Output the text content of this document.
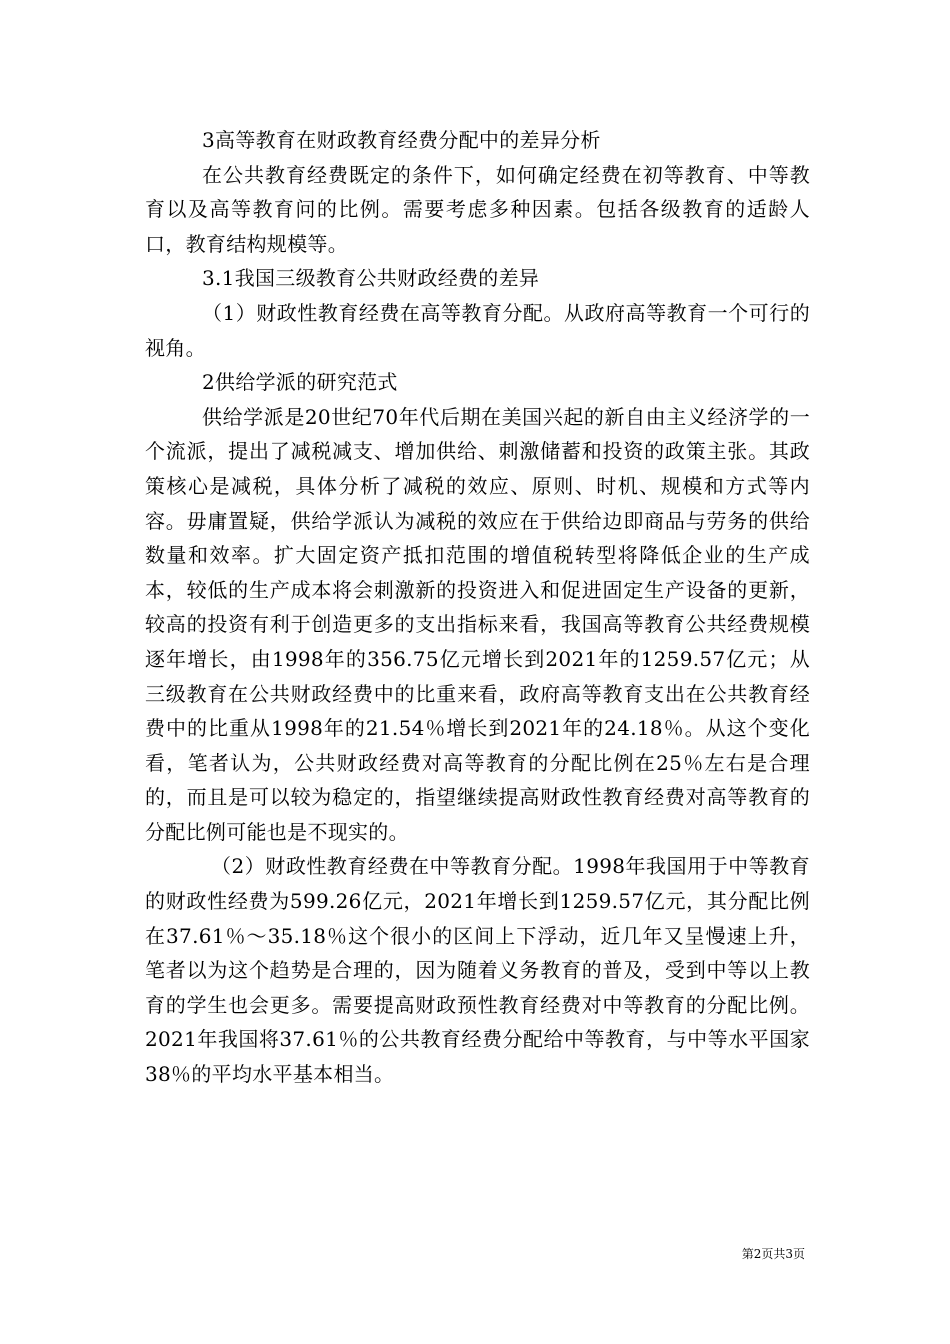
3高等教育在财政教育经费分配中的差异分析

在公共教育经费既定的条件下，如何确定经费在初等教育、中等教育以及高等教育问的比例。需要考虑多种因素。包括各级教育的适龄人口，教育结构规模等。

3.1我国三级教育公共财政经费的差异

（1）财政性教育经费在高等教育分配。从政府高等教育一个可行的视角。

2供给学派的研究范式

供给学派是20世纪70年代后期在美国兴起的新自由主义经济学的一个流派，提出了减税减支、增加供给、刺激储蓄和投资的政策主张。其政策核心是减税，具体分析了减税的效应、原则、时机、规模和方式等内容。毋庸置疑，供给学派认为减税的效应在于供给边即商品与劳务的供给数量和效率。扩大固定资产抵扣范围的增值税转型将降低企业的生产成本，较低的生产成本将会刺激新的投资进入和促进固定生产设备的更新，较高的投资有利于创造更多的支出指标来看，我国高等教育公共经费规模逐年增长，由1998年的356.75亿元增长到2021年的1259.57亿元；从三级教育在公共财政经费中的比重来看，政府高等教育支出在公共教育经费中的比重从1998年的21.54％增长到2021年的24.18％。从这个变化看，笔者认为，公共财政经费对高等教育的分配比例在25％左右是合理的，而且是可以较为稳定的，指望继续提高财政性教育经费对高等教育的分配比例可能也是不现实的。

（2）财政性教育经费在中等教育分配。1998年我国用于中等教育的财政性经费为599.26亿元，2021年增长到1259.57亿元，其分配比例在37.61％～35.18％这个很小的区间上下浮动，近几年又呈慢速上升，笔者以为这个趋势是合理的，因为随着义务教育的普及，受到中等以上教育的学生也会更多。需要提高财政预性教育经费对中等教育的分配比例。2021年我国将37.61％的公共教育经费分配给中等教育，与中等水平国家38％的平均水平基本相当。

第2页共3页
